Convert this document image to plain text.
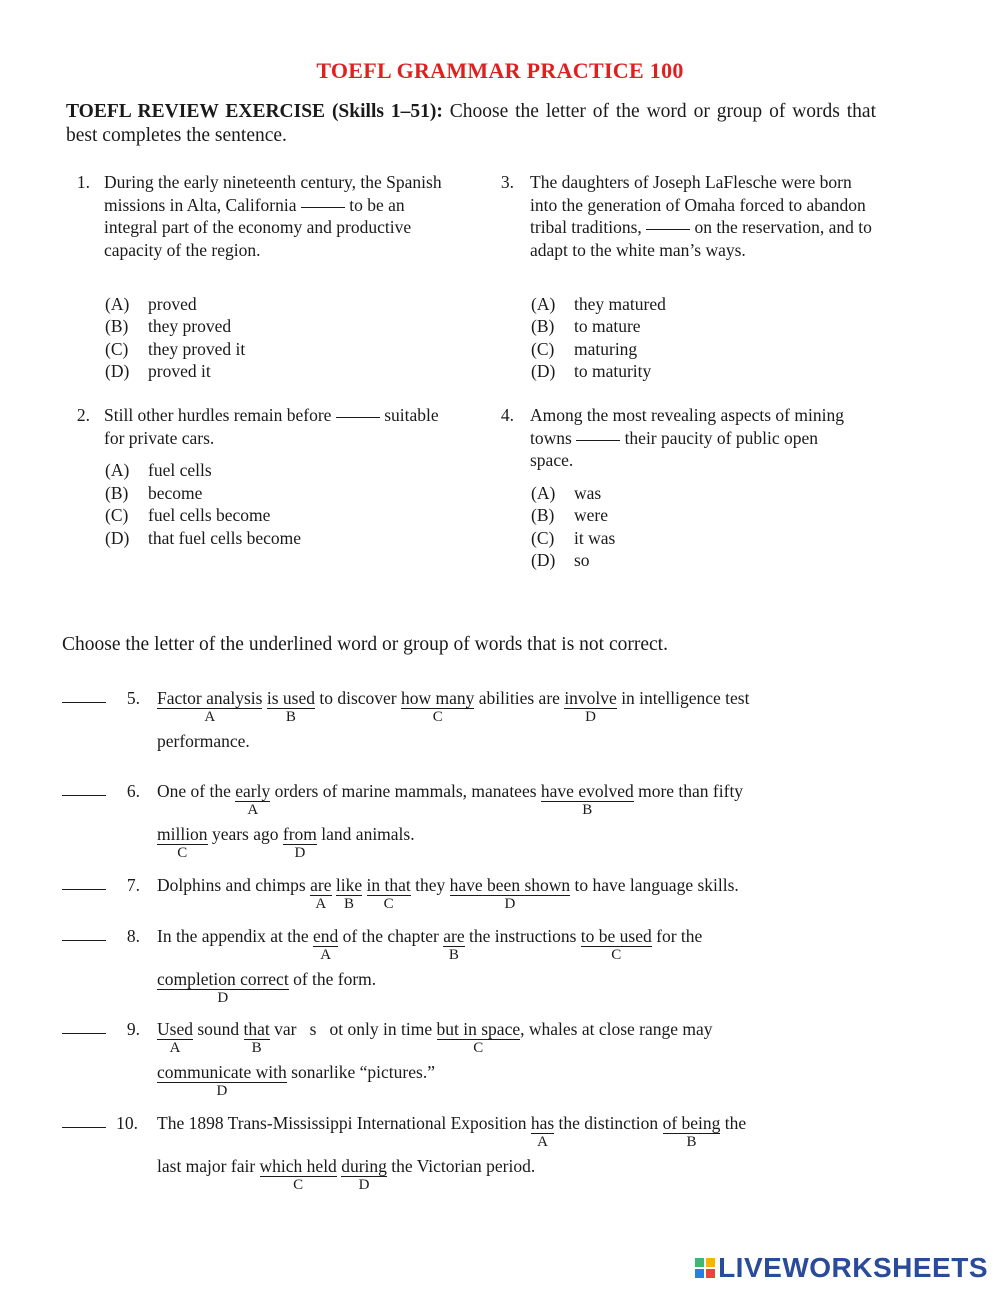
TOEFL GRAMMAR PRACTICE 100
TOEFL REVIEW EXERCISE (Skills 1–51): Choose the letter of the word or group of words that best completes the sentence.
1. During the early nineteenth century, the Spanish missions in Alta, California	to be an integral part of the economy and productive capacity of the region.
(A) proved
(B) they proved
(C) they proved it
(D) proved it
2. Still other hurdles remain before	suitable for private cars.
(A) fuel cells
(B) become
(C) fuel cells become
(D) that fuel cells become
3. The daughters of Joseph LaFlesche were born into the generation of Omaha forced to abandon tribal traditions,	on the reservation, and to adapt to the white man’s ways.
(A) they matured
(B) to mature
(C) maturing
(D) to maturity
4. Among the most revealing aspects of mining towns	their paucity of public open space.
(A) was
(B) were
(C) it was
(D) so
Choose the letter of the underlined word or group of words that is not correct.
5. Factor analysis
A
is used
B
to discover how many
C
abilities are involve
D
in intelligence test
performance.
6. One of the early
A
orders of marine mammals, manatees have evolved
B
more than fifty
million
C
years ago from
D
land animals.
7. Dolphins and chimps are
A
like
B
in that
C
they have been shown
D
to have language skills.
8. In the appendix at the end
A
of the chapter are
B
the instructions to be used
C
for the
completion correct
D
of the form.
9. Used
A
sound that
B
var   s   ot only in time but in space
C
, whales at close range may
communicate with
D
sonarlike “pictures.”
10. The 1898 Trans-Mississippi International Exposition has
A
the distinction of being
B
the
last major fair which held
C
during
D
the Victorian period.
LIVEWORKSHEETS
